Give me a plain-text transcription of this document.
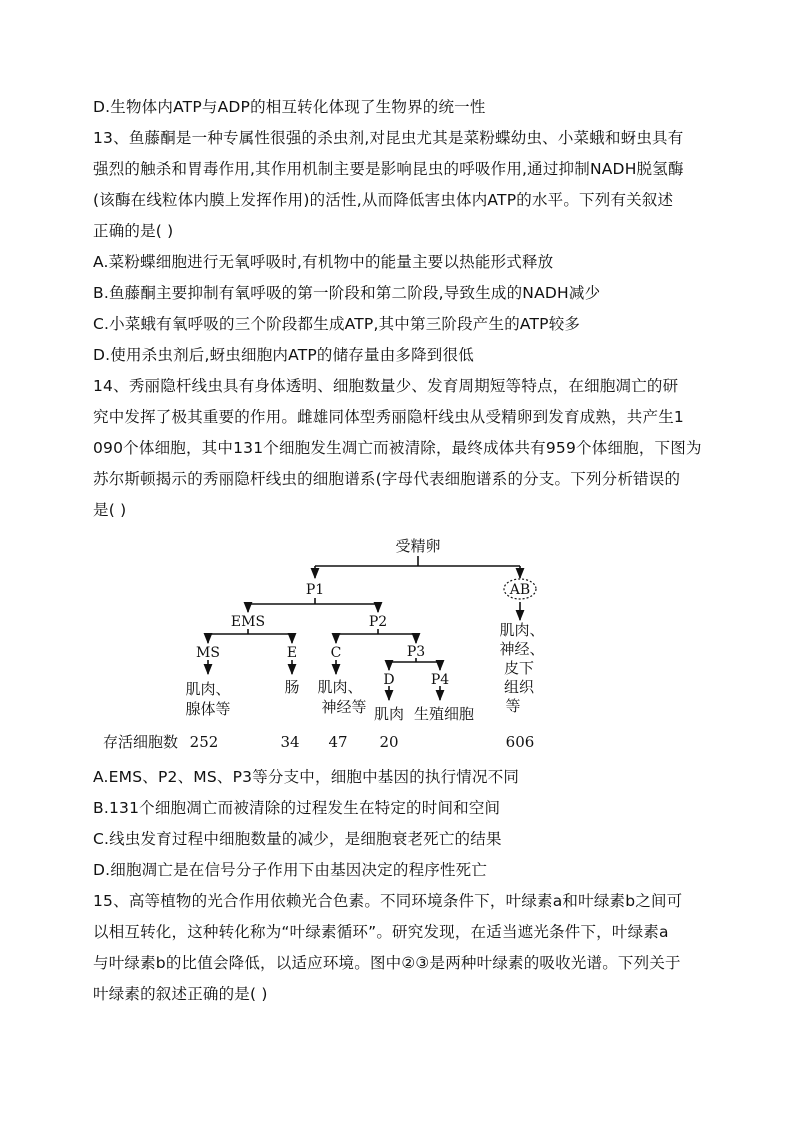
D.生物体内ATP与ADP的相互转化体现了生物界的统一性
13、鱼藤酮是一种专属性很强的杀虫剂,对昆虫尤其是菜粉蝶幼虫、小菜蛾和蚜虫具有
强烈的触杀和胃毒作用,其作用机制主要是影响昆虫的呼吸作用,通过抑制NADH脱氢酶
(该酶在线粒体内膜上发挥作用)的活性,从而降低害虫体内ATP的水平。下列有关叙述
正确的是( )
A.菜粉蝶细胞进行无氧呼吸时,有机物中的能量主要以热能形式释放
B.鱼藤酮主要抑制有氧呼吸的第一阶段和第二阶段,导致生成的NADH减少
C.小菜蛾有氧呼吸的三个阶段都生成ATP,其中第三阶段产生的ATP较多
D.使用杀虫剂后,蚜虫细胞内ATP的储存量由多降到很低
14、秀丽隐杆线虫具有身体透明、细胞数量少、发育周期短等特点，在细胞凋亡的研
究中发挥了极其重要的作用。雌雄同体型秀丽隐杆线虫从受精卵到发育成熟，共产生1
090个体细胞，其中131个细胞发生凋亡而被清除，最终成体共有959个体细胞，下图为
苏尔斯顿揭示的秀丽隐杆线虫的细胞谱系(字母代表细胞谱系的分支。下列分析错误的
是( )
受精卵
P1	AB
EMS	P2
MS	E C	P3
D	P4
肌肉、
腺体等
肠 肌肉、
神经等 肌肉 生殖细胞
肌肉、
神经、
皮下
组织
等
存活细胞数 252	34 47 20	606
A.EMS、P2、MS、P3等分支中，细胞中基因的执行情况不同
B.131个细胞凋亡而被清除的过程发生在特定的时间和空间
C.线虫发育过程中细胞数量的减少，是细胞衰老死亡的结果
D.细胞凋亡是在信号分子作用下由基因决定的程序性死亡
15、高等植物的光合作用依赖光合色素。不同环境条件下，叶绿素a和叶绿素b之间可
以相互转化，这种转化称为“叶绿素循环”。研究发现，在适当遮光条件下，叶绿素a
与叶绿素b的比值会降低，以适应环境。图中②③是两种叶绿素的吸收光谱。下列关于
叶绿素的叙述正确的是( )
